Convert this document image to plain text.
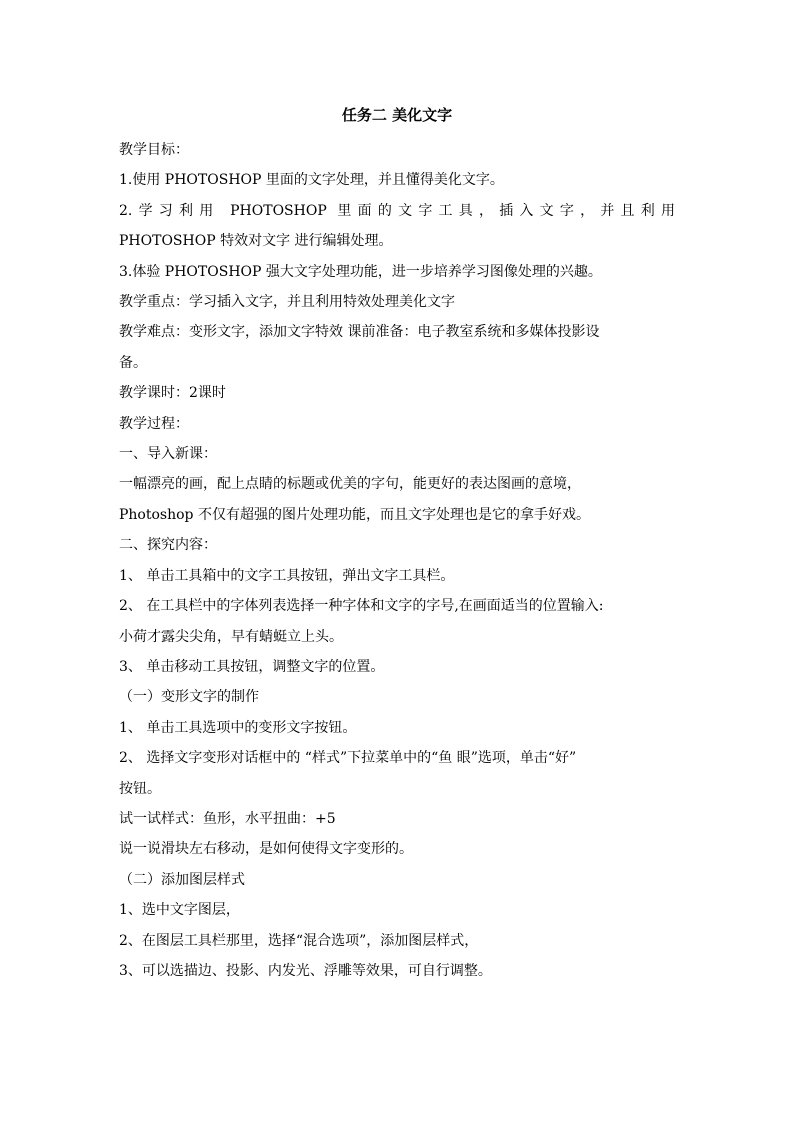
任务二 美化文字

教学目标：

1.使用 PHOTOSHOP 里面的文字处理，并且懂得美化文字。

2.学习利用 PHOTOSHOP 里面的文字工具，插入文字，并且利用

PHOTOSHOP 特效对文字 进行编辑处理。

3.体验 PHOTOSHOP 强大文字处理功能，进一步培养学习图像处理的兴趣。

教学重点：学习插入文字，并且利用特效处理美化文字

教学难点：变形文字，添加文字特效 课前准备：电子教室系统和多媒体投影设

备。

教学课时：2课时

教学过程：

一、导入新课：

一幅漂亮的画，配上点睛的标题或优美的字句，能更好的表达图画的意境，

Photoshop 不仅有超强的图片处理功能，而且文字处理也是它的拿手好戏。

二、探究内容：

1、 单击工具箱中的文字工具按钮，弹出文字工具栏。

2、 在工具栏中的字体列表选择一种字体和文字的字号,在画面适当的位置输入:

小荷才露尖尖角，早有蜻蜓立上头。

3、 单击移动工具按钮，调整文字的位置。

（一）变形文字的制作

1、 单击工具选项中的变形文字按钮。

2、 选择文字变形对话框中的 “样式”下拉菜单中的“鱼 眼”选项，单击“好”

按钮。

试一试样式：鱼形，水平扭曲：+5

说一说滑块左右移动，是如何使得文字变形的。

（二）添加图层样式

1、选中文字图层，

2、在图层工具栏那里，选择“混合选项”，添加图层样式，

3、可以选描边、投影、内发光、浮雕等效果，可自行调整。
